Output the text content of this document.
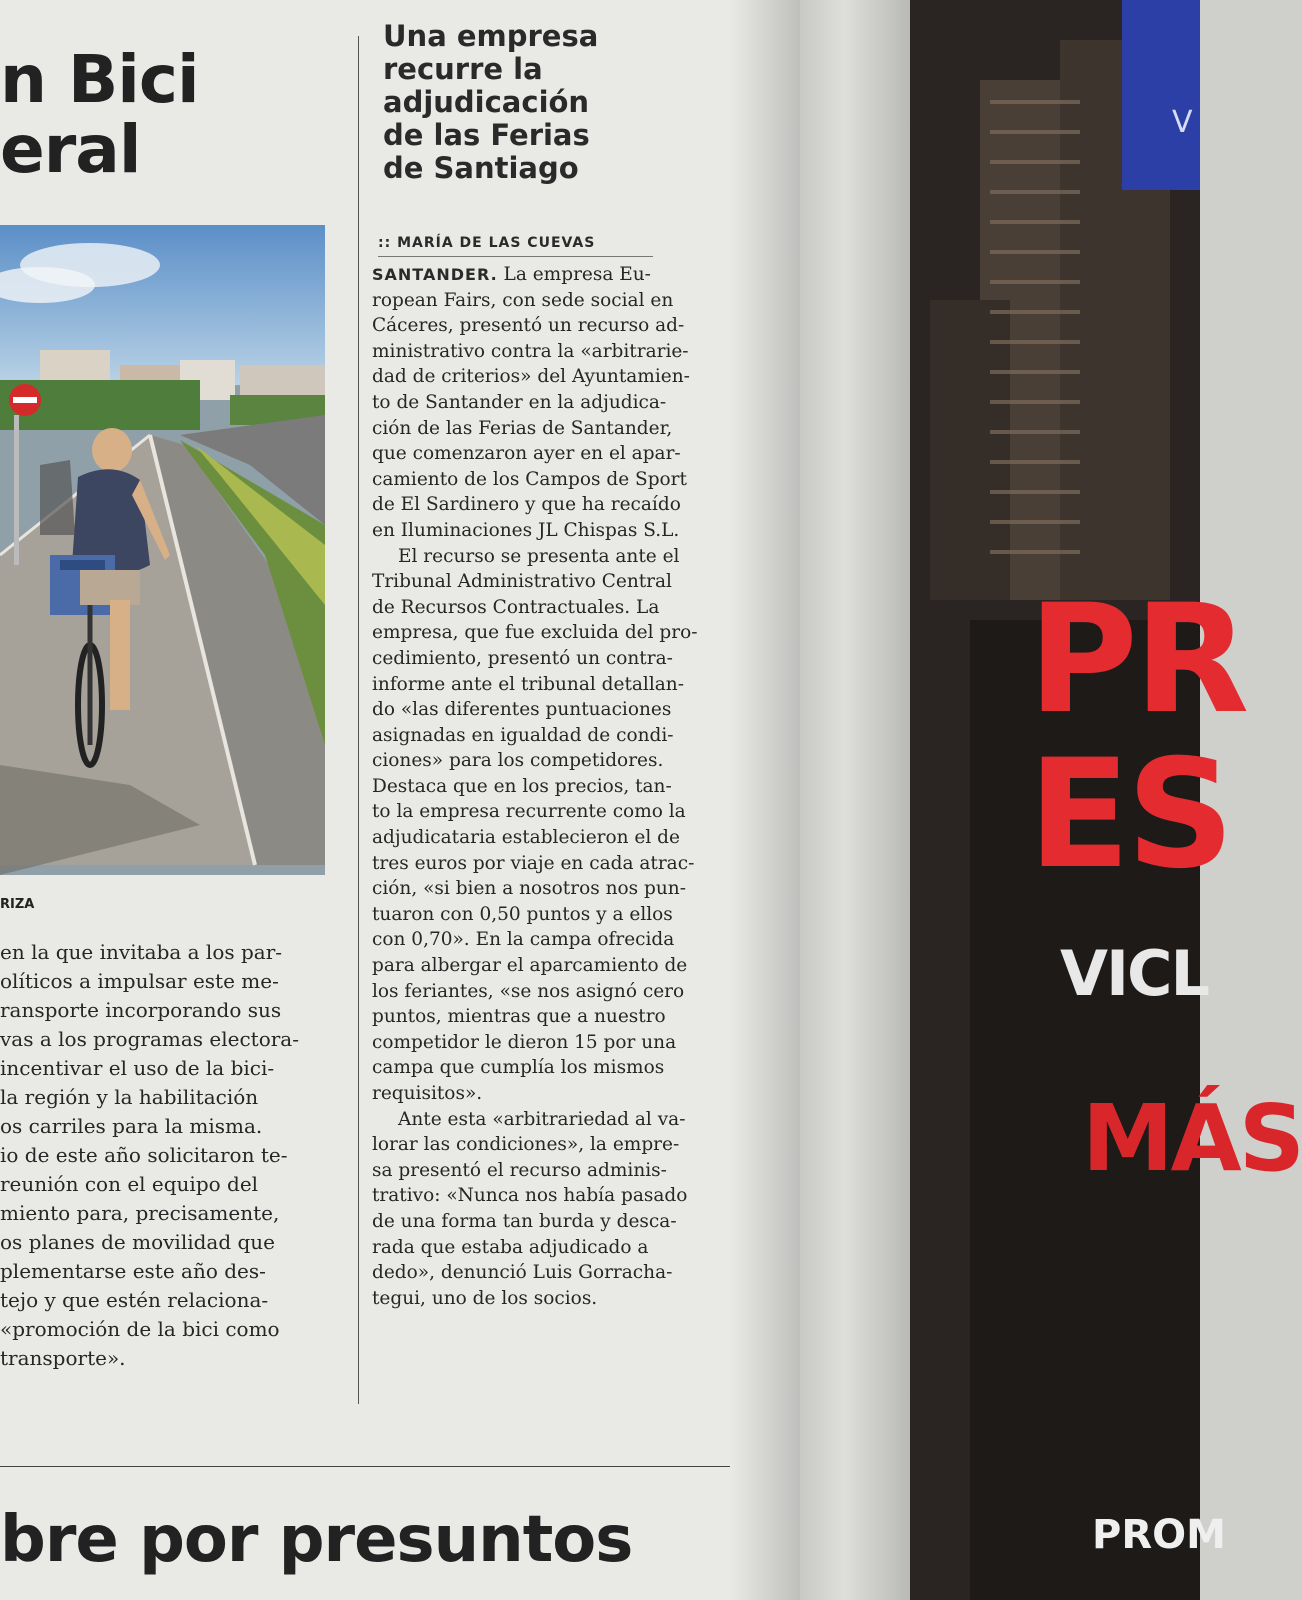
n Bici
eral
RIZA

en la que invitaba a los par-
olíticos a impulsar este me-
ransporte incorporando sus
vas a los programas electora-
incentivar el uso de la bici-
la región y la habilitación
os carriles para la misma.
io de este año solicitaron te-
reunión con el equipo del
miento para, precisamente,
os planes de movilidad que
plementarse este año des-
tejo y que estén relaciona-
«promoción de la bici como
transporte».

Una empresa
recurre la
adjudicación
de las Ferias
de Santiago
:: MARÍA DE LAS CUEVAS
SANTANDER. La empresa Eu-
ropean Fairs, con sede social en
Cáceres, presentó un recurso ad-
ministrativo contra la «arbitrarie-
dad de criterios» del Ayuntamien-
to de Santander en la adjudica-
ción de las Ferias de Santander,
que comenzaron ayer en el apar-
camiento de los Campos de Sport
de El Sardinero y que ha recaído
en Iluminaciones JL Chispas S.L.
El recurso se presenta ante el
Tribunal Administrativo Central
de Recursos Contractuales. La
empresa, que fue excluida del pro-
cedimiento, presentó un contra-
informe ante el tribunal detallan-
do «las diferentes puntuaciones
asignadas en igualdad de condi-
ciones» para los competidores.
Destaca que en los precios, tan-
to la empresa recurrente como la
adjudicataria establecieron el de
tres euros por viaje en cada atrac-
ción, «si bien a nosotros nos pun-
tuaron con 0,50 puntos y a ellos
con 0,70». En la campa ofrecida
para albergar el aparcamiento de
los feriantes, «se nos asignó cero
puntos, mientras que a nuestro
competidor le dieron 15 por una
campa que cumplía los mismos
requisitos».
Ante esta «arbitrariedad al va-
lorar las condiciones», la empre-
sa presentó el recurso adminis-
trativo: «Nunca nos había pasado
de una forma tan burda y desca-
rada que estaba adjudicado a
dedo», denunció Luis Gorracha-
tegui, uno de los socios.
bre por presuntos
V
PR
ES
VICL
MÁS
PROM
